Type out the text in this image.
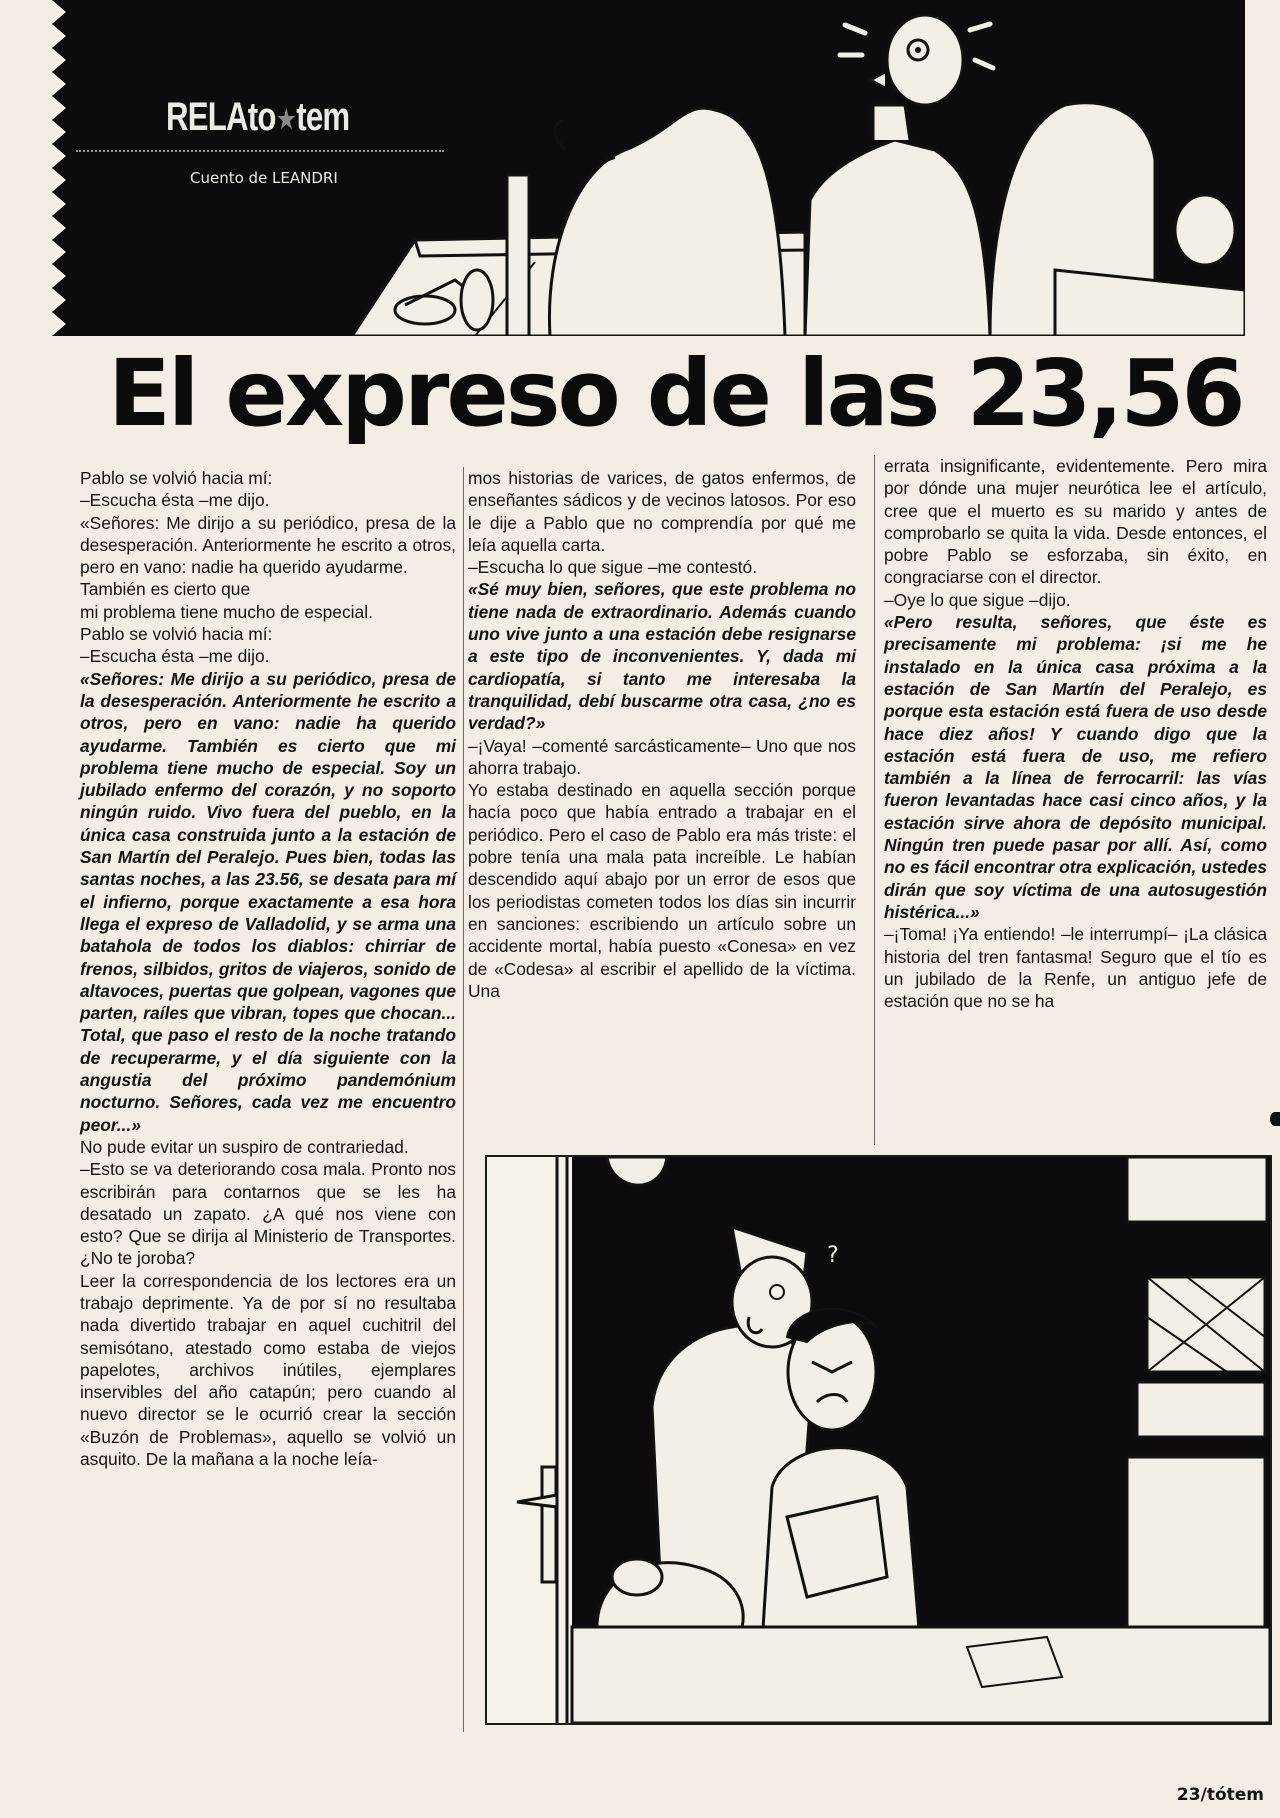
RELAto★tem
Cuento de LEANDRI
El expreso de las 23,56

Pablo se volvió hacia mí:

–Escucha ésta –me dijo.

«Señores: Me dirijo a su periódico, presa de la desesperación. Anteriormente he escrito a otros, pero en vano: nadie ha querido ayudarme.

También es cierto que

mi problema tiene mucho de especial.

Pablo se volvió hacia mí:

–Escucha ésta –me dijo.

«Señores: Me dirijo a su periódico, presa de la desesperación. Anteriormente he escrito a otros, pero en vano: nadie ha querido ayudarme. También es cierto que mi problema tiene mucho de especial. Soy un jubilado enfermo del corazón, y no soporto ningún ruido. Vivo fuera del pueblo, en la única casa construida junto a la estación de San Martín del Peralejo. Pues bien, todas las santas noches, a las 23.56, se desata para mí el infierno, porque exactamente a esa hora llega el expreso de Valladolid, y se arma una batahola de todos los diablos: chirriar de frenos, silbidos, gritos de viajeros, sonido de altavoces, puertas que golpean, vagones que parten, raíles que vibran, topes que chocan... Total, que paso el resto de la noche tratando de recuperarme, y el día siguiente con la angustia del próximo pandemónium nocturno. Señores, cada vez me encuentro peor...»

No pude evitar un suspiro de contrariedad.

–Esto se va deteriorando cosa mala. Pronto nos escribirán para contarnos que se les ha desatado un zapato. ¿A qué nos viene con esto? Que se dirija al Ministerio de Transportes. ¿No te joroba?

Leer la correspondencia de los lectores era un trabajo deprimente. Ya de por sí no resultaba nada divertido trabajar en aquel cuchitril del semisótano, atestado como estaba de viejos papelotes, archivos inútiles, ejemplares inservibles del año catapún; pero cuando al nuevo director se le ocurrió crear la sección «Buzón de Problemas», aquello se volvió un asquito. De la mañana a la noche leía-

mos historias de varices, de gatos enfermos, de enseñantes sádicos y de vecinos latosos. Por eso le dije a Pablo que no comprendía por qué me leía aquella carta.

–Escucha lo que sigue –me contestó.

«Sé muy bien, señores, que este problema no tiene nada de extraordinario. Además cuando uno vive junto a una estación debe resignarse a este tipo de inconvenientes. Y, dada mi cardiopatía, si tanto me interesaba la tranquilidad, debí buscarme otra casa, ¿no es verdad?»

–¡Vaya! –comenté sarcásticamente– Uno que nos ahorra trabajo.

Yo estaba destinado en aquella sección porque hacía poco que había entrado a trabajar en el periódico. Pero el caso de Pablo era más triste: el pobre tenía una mala pata increíble. Le habían descendido aquí abajo por un error de esos que los periodistas cometen todos los días sin incurrir en sanciones: escribiendo un artículo sobre un accidente mortal, había puesto «Conesa» en vez de «Codesa» al escribir el apellido de la víctima. Una

errata insignificante, evidentemente. Pero mira por dónde una mujer neurótica lee el artículo, cree que el muerto es su marido y antes de comprobarlo se quita la vida. Desde entonces, el pobre Pablo se esforzaba, sin éxito, en congraciarse con el director.

–Oye lo que sigue –dijo.

«Pero resulta, señores, que éste es precisamente mi problema: ¡si me he instalado en la única casa próxima a la estación de San Martín del Peralejo, es porque esta estación está fuera de uso desde hace diez años! Y cuando digo que la estación está fuera de uso, me refiero también a la línea de ferrocarril: las vías fueron levantadas hace casi cinco años, y la estación sirve ahora de depósito municipal. Ningún tren puede pasar por allí. Así, como no es fácil encontrar otra explicación, ustedes dirán que soy víctima de una autosugestión histérica...»

–¡Toma! ¡Ya entiendo! –le interrumpí– ¡La clásica historia del tren fantasma! Seguro que el tío es un jubilado de la Renfe, un antiguo jefe de estación que no se ha

?
23/tótem
